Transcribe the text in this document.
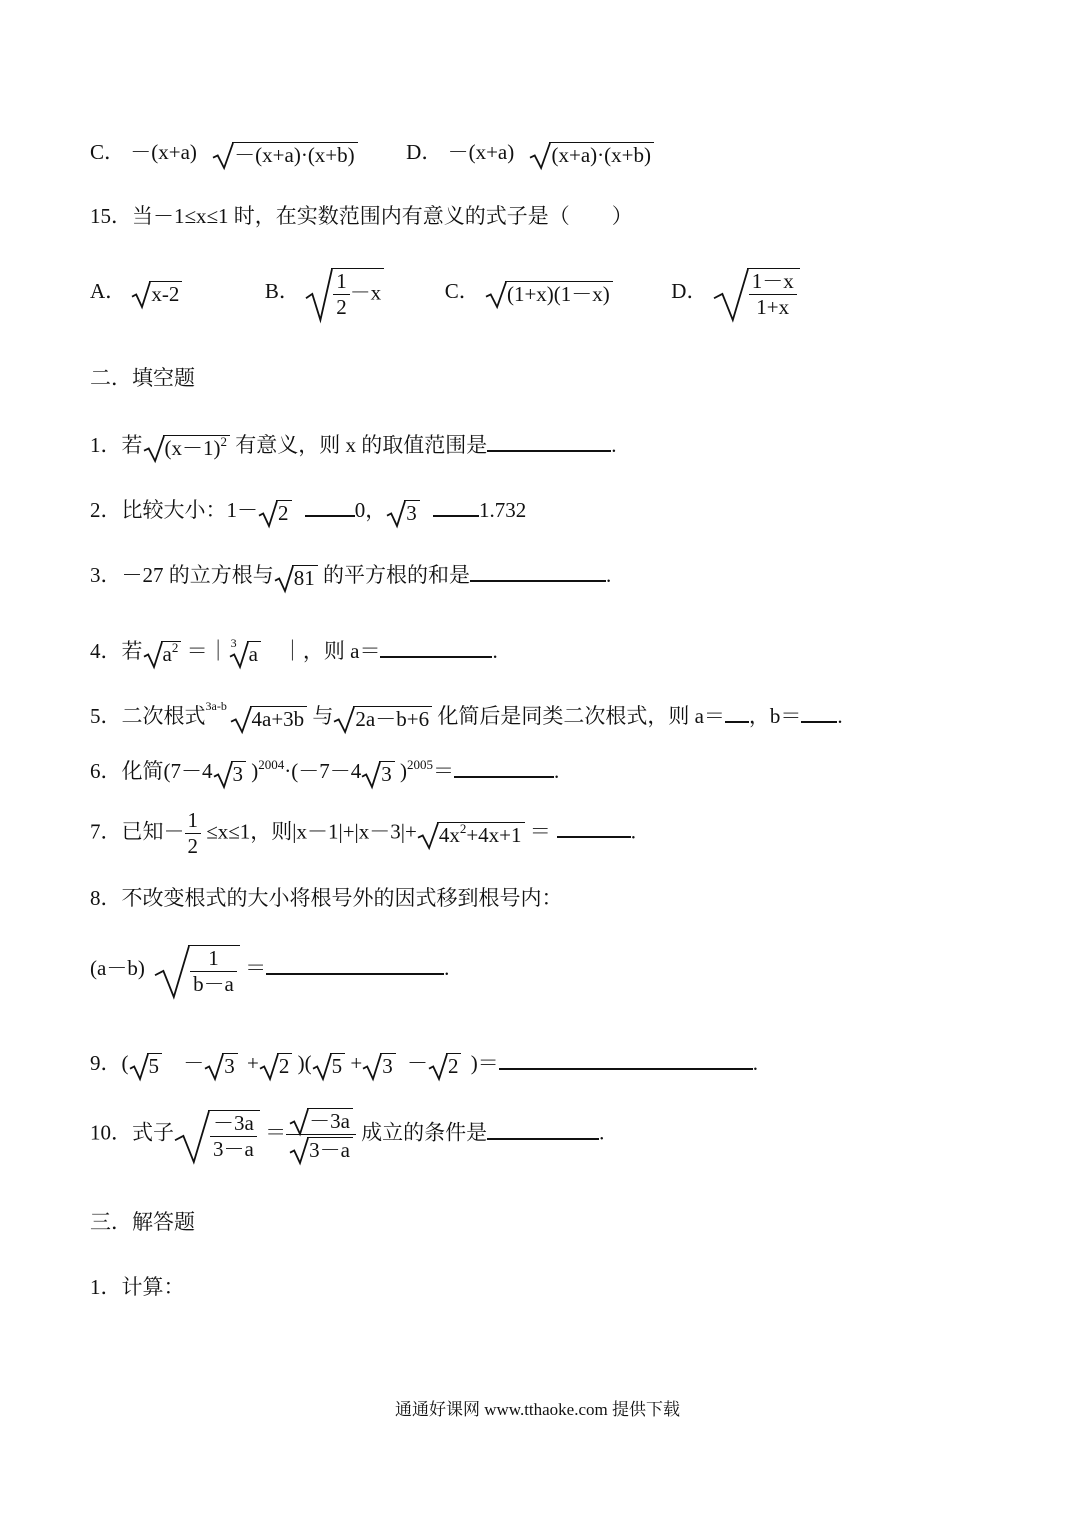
C． －(x+a) －(x+a)·(x+b) D． －(x+a) (x+a)·(x+b)
15．当－1≤x≤1 时，在实数范围内有意义的式子是（　　）
A． x-2	B． $\frac{1}{2} -x$	C． (1+x)(1－x)	D． $\frac{1-x}{1+x}$
二．填空题
1．若 $(x-1)^2$ 有意义，则 x 的取值范围是	.
2．比较大小：1－ 2	0， 3	1.732
3．－27 的立方根与 81 的平方根的和是	.
4．若 $a^2$ ＝｜ 3 a　｜，则 a＝	.
5．二次根式 3a-b
4a+3b 与 2a－b+6 化简后是同类二次根式，则 a＝ ，b＝ .
6．化简(7－4 3 )$^{2004}$·(－7－4 3 )$^{2005}$＝	.
7．已知－ $\frac{1}{2} \le x\le 1$，则$|x-1|+|x-3|+ 4x^2+4x+1$ ＝	.
8．不改变根式的大小将根号外的因式移到根号内：
$(a-b) \frac{1}{b-a}$ ＝	.
9．( 5 － 3 + 2 )( 5 + 3 － 2 )＝	.
10．式子 $\frac{-3a}{3-a} = \frac{-3a}{3-a}$ 成立的条件是	.
三．解答题
1．计算：
通通好课网 www.tthaoke.com 提供下载
